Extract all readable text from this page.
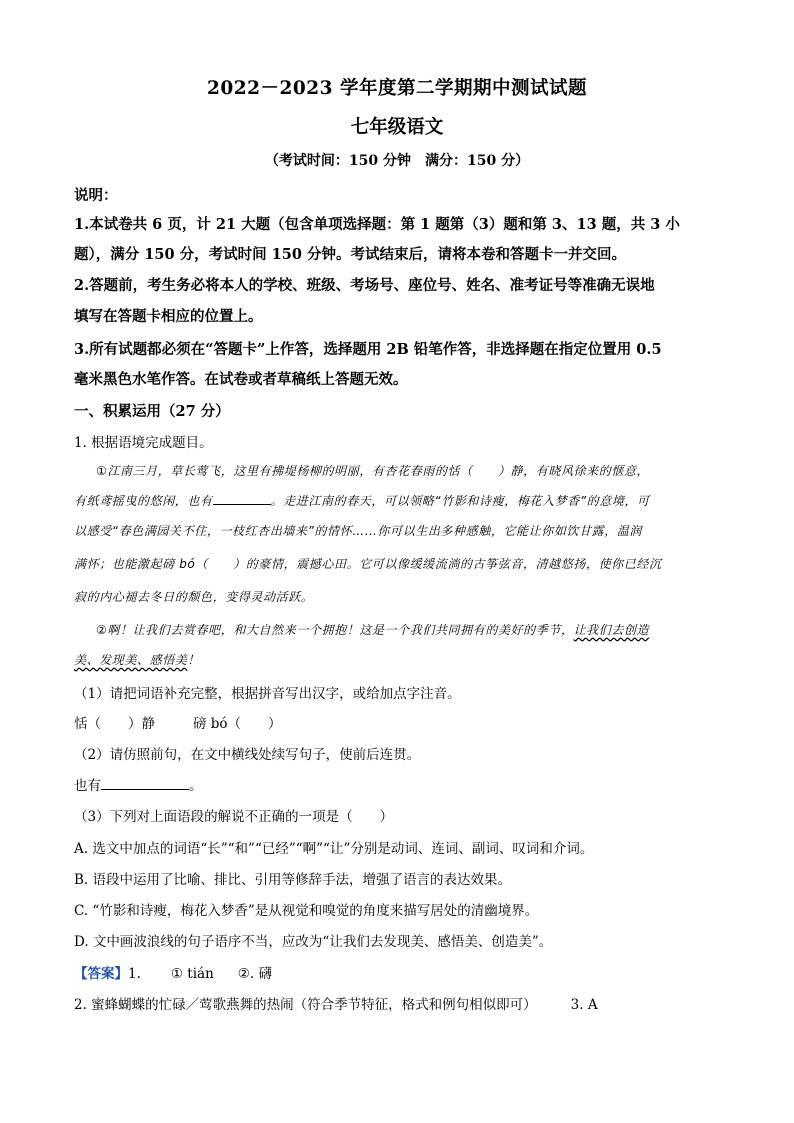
2022－2023 学年度第二学期期中测试试题
七年级语文
（考试时间：150 分钟　满分：150 分）
说明：
1.本试卷共 6 页，计 21 大题（包含单项选择题：第 1 题第（3）题和第 3、13 题，共 3 小
题），满分 150 分，考试时间 150 分钟。考试结束后，请将本卷和答题卡一并交回。
2.答题前，考生务必将本人的学校、班级、考场号、座位号、姓名、准考证号等准确无误地
填写在答题卡相应的位置上。
3.所有试题都必须在“答题卡”上作答，选择题用 2B 铅笔作答，非选择题在指定位置用 0.5
毫米黑色水笔作答。在试卷或者草稿纸上答题无效。
一、积累运用（27 分）
1. 根据语境完成题目。
①江南三月，草长莺飞，这里有拂堤杨柳的明丽，有杏花春雨的恬（　　）静，有晓风徐来的惬意，
有纸鸢摇曳的悠闲，也有	。走进江南的春天，可以领略“竹影和诗瘦，梅花入梦香”的意境，可
以感受“春色满园关不住，一枝红杏出墙来”的情怀……你可以生出多种感触，它能让你如饮甘露，温润
满怀；也能激起磅 bó（　　）的豪情，震撼心田。它可以像缓缓流淌的古筝弦音，清越悠扬，使你已经沉
寂的内心褪去冬日的颓色，变得灵动活跃。
②啊！让我们去赏春吧，和大自然来一个拥抱！这是一个我们共同拥有的美好的季节，让我们去创造
美、发现美、感悟美！
（1）请把词语补充完整，根据拼音写出汉字，或给加点字注音。
恬（　　）静	磅 bó（　　）
（2）请仿照前句，在文中横线处续写句子，使前后连贯。
也有	。
（3）下列对上面语段的解说不正确的一项是（　　）
A. 选文中加点的词语“长”“和”“已经”“啊”“让”分别是动词、连词、副词、叹词和介词。
B. 语段中运用了比喻、排比、引用等修辞手法，增强了语言的表达效果。
C. “竹影和诗瘦，梅花入梦香”是从视觉和嗅觉的角度来描写居处的清幽境界。
D. 文中画波浪线的句子语序不当，应改为“让我们去发现美、感悟美、创造美”。
【答案】1. ① tián ②. 礴
2. 蜜蜂蝴蝶的忙碌／莺歌燕舞的热闹（符合季节特征，格式和例句相似即可）	3. A
